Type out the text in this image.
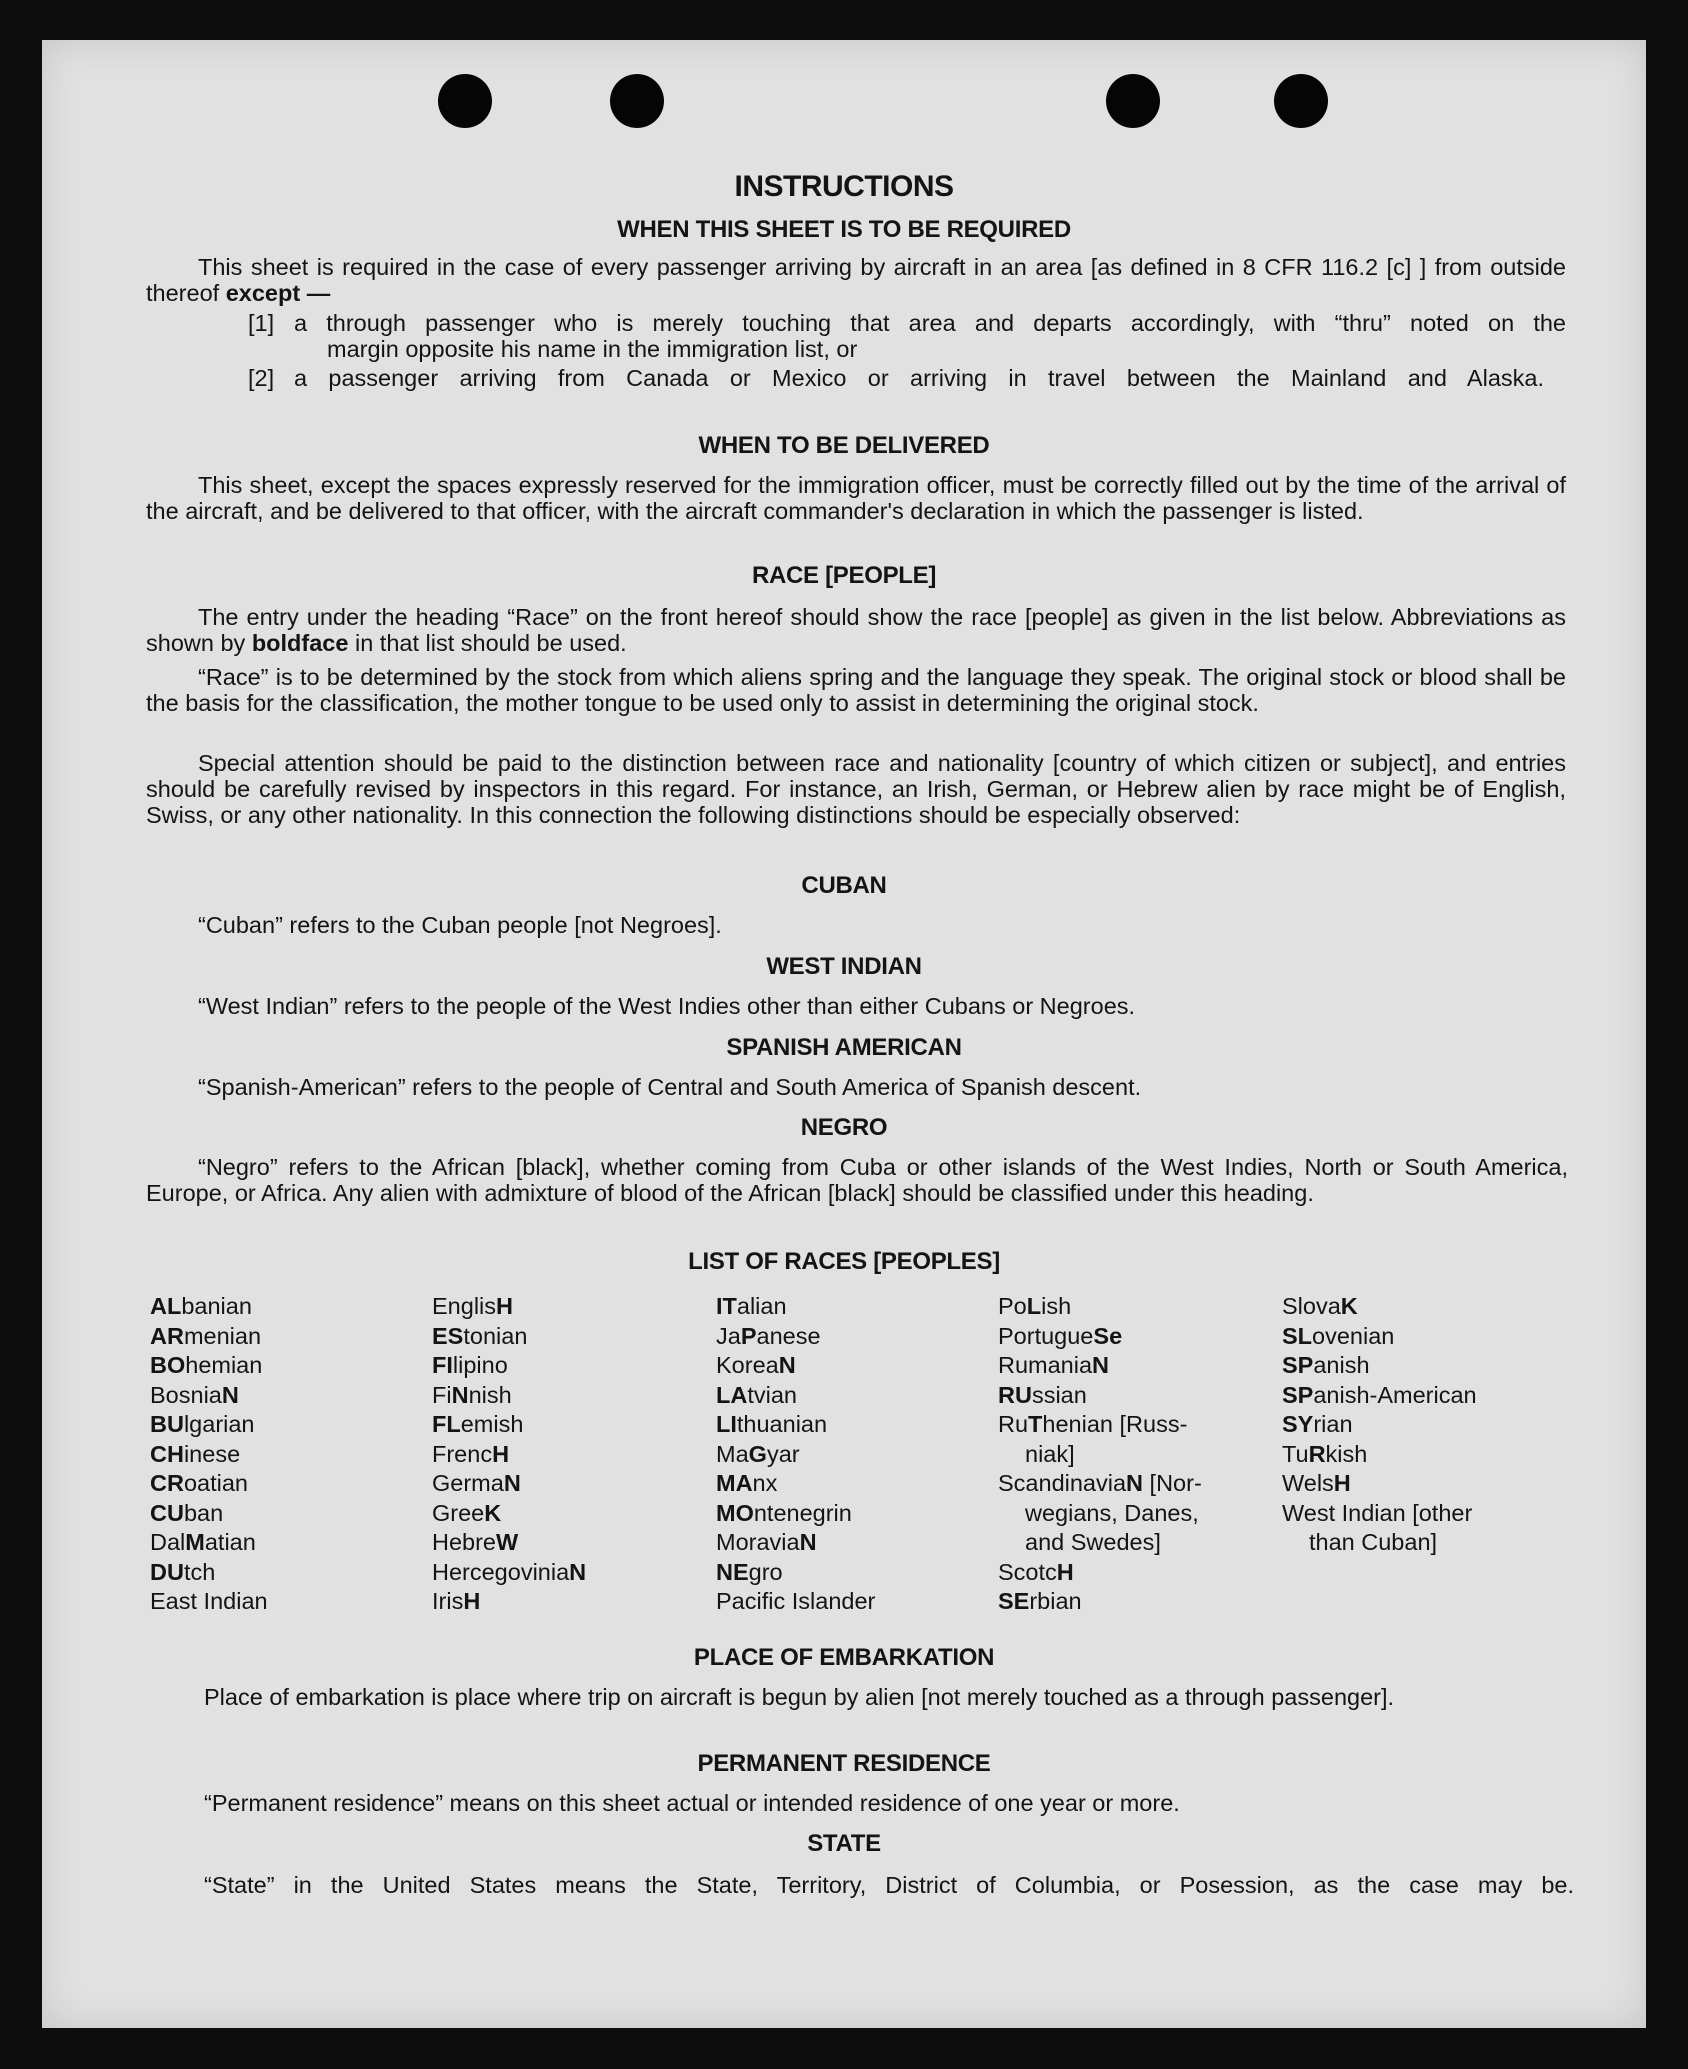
INSTRUCTIONS
WHEN THIS SHEET IS TO BE REQUIRED
This sheet is required in the case of every passenger arriving by aircraft in an area [as defined in 8 CFR 116.2 [c] ] from outside thereof except —
[1] a through passenger who is merely touching that area and departs accordingly, with “thru” noted on the
margin opposite his name in the immigration list, or
[2] a passenger arriving from Canada or Mexico or arriving in travel between the Mainland and Alaska.
WHEN TO BE DELIVERED
This sheet, except the spaces expressly reserved for the immigration officer, must be correctly filled out by the time of the arrival of the aircraft, and be delivered to that officer, with the aircraft commander's declaration in which the passenger is listed.
RACE [PEOPLE]
The entry under the heading “Race” on the front hereof should show the race [people] as given in the list below. Abbreviations as shown by boldface in that list should be used.
“Race” is to be determined by the stock from which aliens spring and the language they speak. The original stock or blood shall be the basis for the classification, the mother tongue to be used only to assist in determining the original stock.
Special attention should be paid to the distinction between race and nationality [country of which citizen or subject], and entries should be carefully revised by inspectors in this regard. For instance, an Irish, German, or Hebrew alien by race might be of English, Swiss, or any other nationality. In this connection the following distinctions should be especially observed:
CUBAN
“Cuban” refers to the Cuban people [not Negroes].
WEST INDIAN
“West Indian” refers to the people of the West Indies other than either Cubans or Negroes.
SPANISH AMERICAN
“Spanish-American” refers to the people of Central and South America of Spanish descent.
NEGRO
“Negro” refers to the African [black], whether coming from Cuba or other islands of the West Indies, North or South America, Europe, or Africa. Any alien with admixture of blood of the African [black] should be classified under this heading.
LIST OF RACES [PEOPLES]
ALbanian
ARmenian
BOhemian
BosniaN
BUlgarian
CHinese
CRoatian
CUban
DalMatian
DUtch
East Indian
EnglisH
EStonian
FIlipino
FiNnish
FLemish
FrencH
GermaN
GreeK
HebreW
HercegoviniaN
IrisH
ITalian
JaPanese
KoreaN
LAtvian
LIthuanian
MaGyar
MAnx
MOntenegrin
MoraviaN
NEgro
Pacific Islander
PoLish
PortugueSe
RumaniaN
RUssian
RuThenian [Russ-
niak]
ScandinaviaN [Nor-
wegians, Danes,
and Swedes]
ScotcH
SErbian
SlovaK
SLovenian
SPanish
SPanish-American
SYrian
TuRkish
WelsH
West Indian [other
than Cuban]
PLACE OF EMBARKATION
Place of embarkation is place where trip on aircraft is begun by alien [not merely touched as a through passenger].
PERMANENT RESIDENCE
“Permanent residence” means on this sheet actual or intended residence of one year or more.
STATE
“State” in the United States means the State, Territory, District of Columbia, or Posession, as the case may be.
